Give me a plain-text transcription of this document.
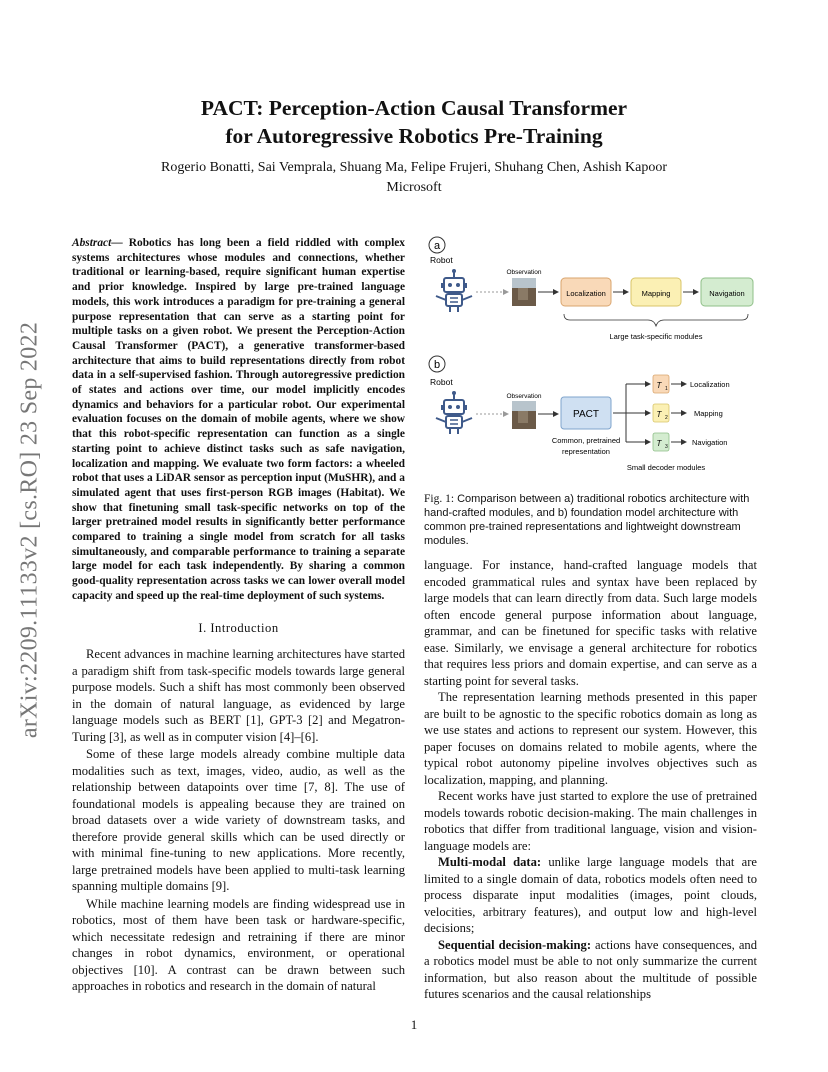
PACT: Perception-Action Causal Transformer
for Autoregressive Robotics Pre-Training
Rogerio Bonatti, Sai Vemprala, Shuang Ma, Felipe Frujeri, Shuhang Chen, Ashish Kapoor
Microsoft
arXiv:2209.11133v2 [cs.RO] 23 Sep 2022

Abstract— Robotics has long been a field riddled with complex systems architectures whose modules and connections, whether traditional or learning-based, require significant human expertise and prior knowledge. Inspired by large pre-trained language models, this work introduces a paradigm for pre-training a general purpose representation that can serve as a starting point for multiple tasks on a given robot. We present the Perception-Action Causal Transformer (PACT), a generative transformer-based architecture that aims to build representations directly from robot data in a self-supervised fashion. Through autoregressive prediction of states and actions over time, our model implicitly encodes dynamics and behaviors for a particular robot. Our experimental evaluation focuses on the domain of mobile agents, where we show that this robot-specific representation can function as a single starting point to achieve distinct tasks such as safe navigation, localization and mapping. We evaluate two form factors: a wheeled robot that uses a LiDAR sensor as perception input (MuSHR), and a simulated agent that uses first-person RGB images (Habitat). We show that finetuning small task-specific networks on top of the larger pretrained model results in significantly better performance compared to training a single model from scratch for all tasks simultaneously, and comparable performance to training a separate large model for each task independently. By sharing a common good-quality representation across tasks we can lower overall model capacity and speed up the real-time deployment of such systems.

I. Introduction

Recent advances in machine learning architectures have started a paradigm shift from task-specific models towards large general purpose models. Such a shift has most commonly been observed in the domain of natural language, as evidenced by large language models such as BERT [1], GPT-3 [2] and Megatron-Turing [3], as well as in computer vision [4]–[6].

Some of these large models already combine multiple data modalities such as text, images, video, audio, as well as the relationship between datapoints over time [7, 8]. The use of foundational models is appealing because they are trained on broad datasets over a wide variety of downstream tasks, and therefore provide general skills which can be used directly or with minimal fine-tuning to new applications. More recently, large pretrained models have been applied to multi-task learning spanning multiple domains [9].

While machine learning models are finding widespread use in robotics, most of them have been task or hardware-specific, which necessitate redesign and retraining if there are minor changes in robot dynamics, environment, or operational objectives [10]. A contrast can be drawn between such approaches in robotics and research in the domain of natural

a
Robot
Observation
Localization	Mapping	Navigation
Large task-specific modules
b
Robot
Observation
PACT
Common, pretrained
representation
T 1
T 2
T 3
Localization
Mapping
Navigation
Small decoder modules
Fig. 1: Comparison between a) traditional robotics architecture with hand-crafted modules, and b) foundation model architecture with common pre-trained representations and lightweight downstream modules.

language. For instance, hand-crafted language models that encoded grammatical rules and syntax have been replaced by large models that can learn directly from data. Such large models often encode general purpose information about language, grammar, and can be finetuned for specific tasks with relative ease. Similarly, we envisage a general architecture for robotics that requires less priors and domain expertise, and can serve as a starting point for several tasks.

The representation learning methods presented in this paper are built to be agnostic to the specific robotics domain as long as we use states and actions to represent our system. However, this paper focuses on domains related to mobile agents, where the typical robot autonomy pipeline involves objectives such as localization, mapping, and planning.

Recent works have just started to explore the use of pretrained models towards robotic decision-making. The main challenges in robotics that differ from traditional language, vision and vision-language models are:

Multi-modal data: unlike large language models that are limited to a single domain of data, robotics models often need to process disparate input modalities (images, point clouds, velocities, arbitrary features), and output low and high-level decisions;

Sequential decision-making: actions have consequences, and a robotics model must be able to not only summarize the current information, but also reason about the multitude of possible futures scenarios and the causal relationships

1
